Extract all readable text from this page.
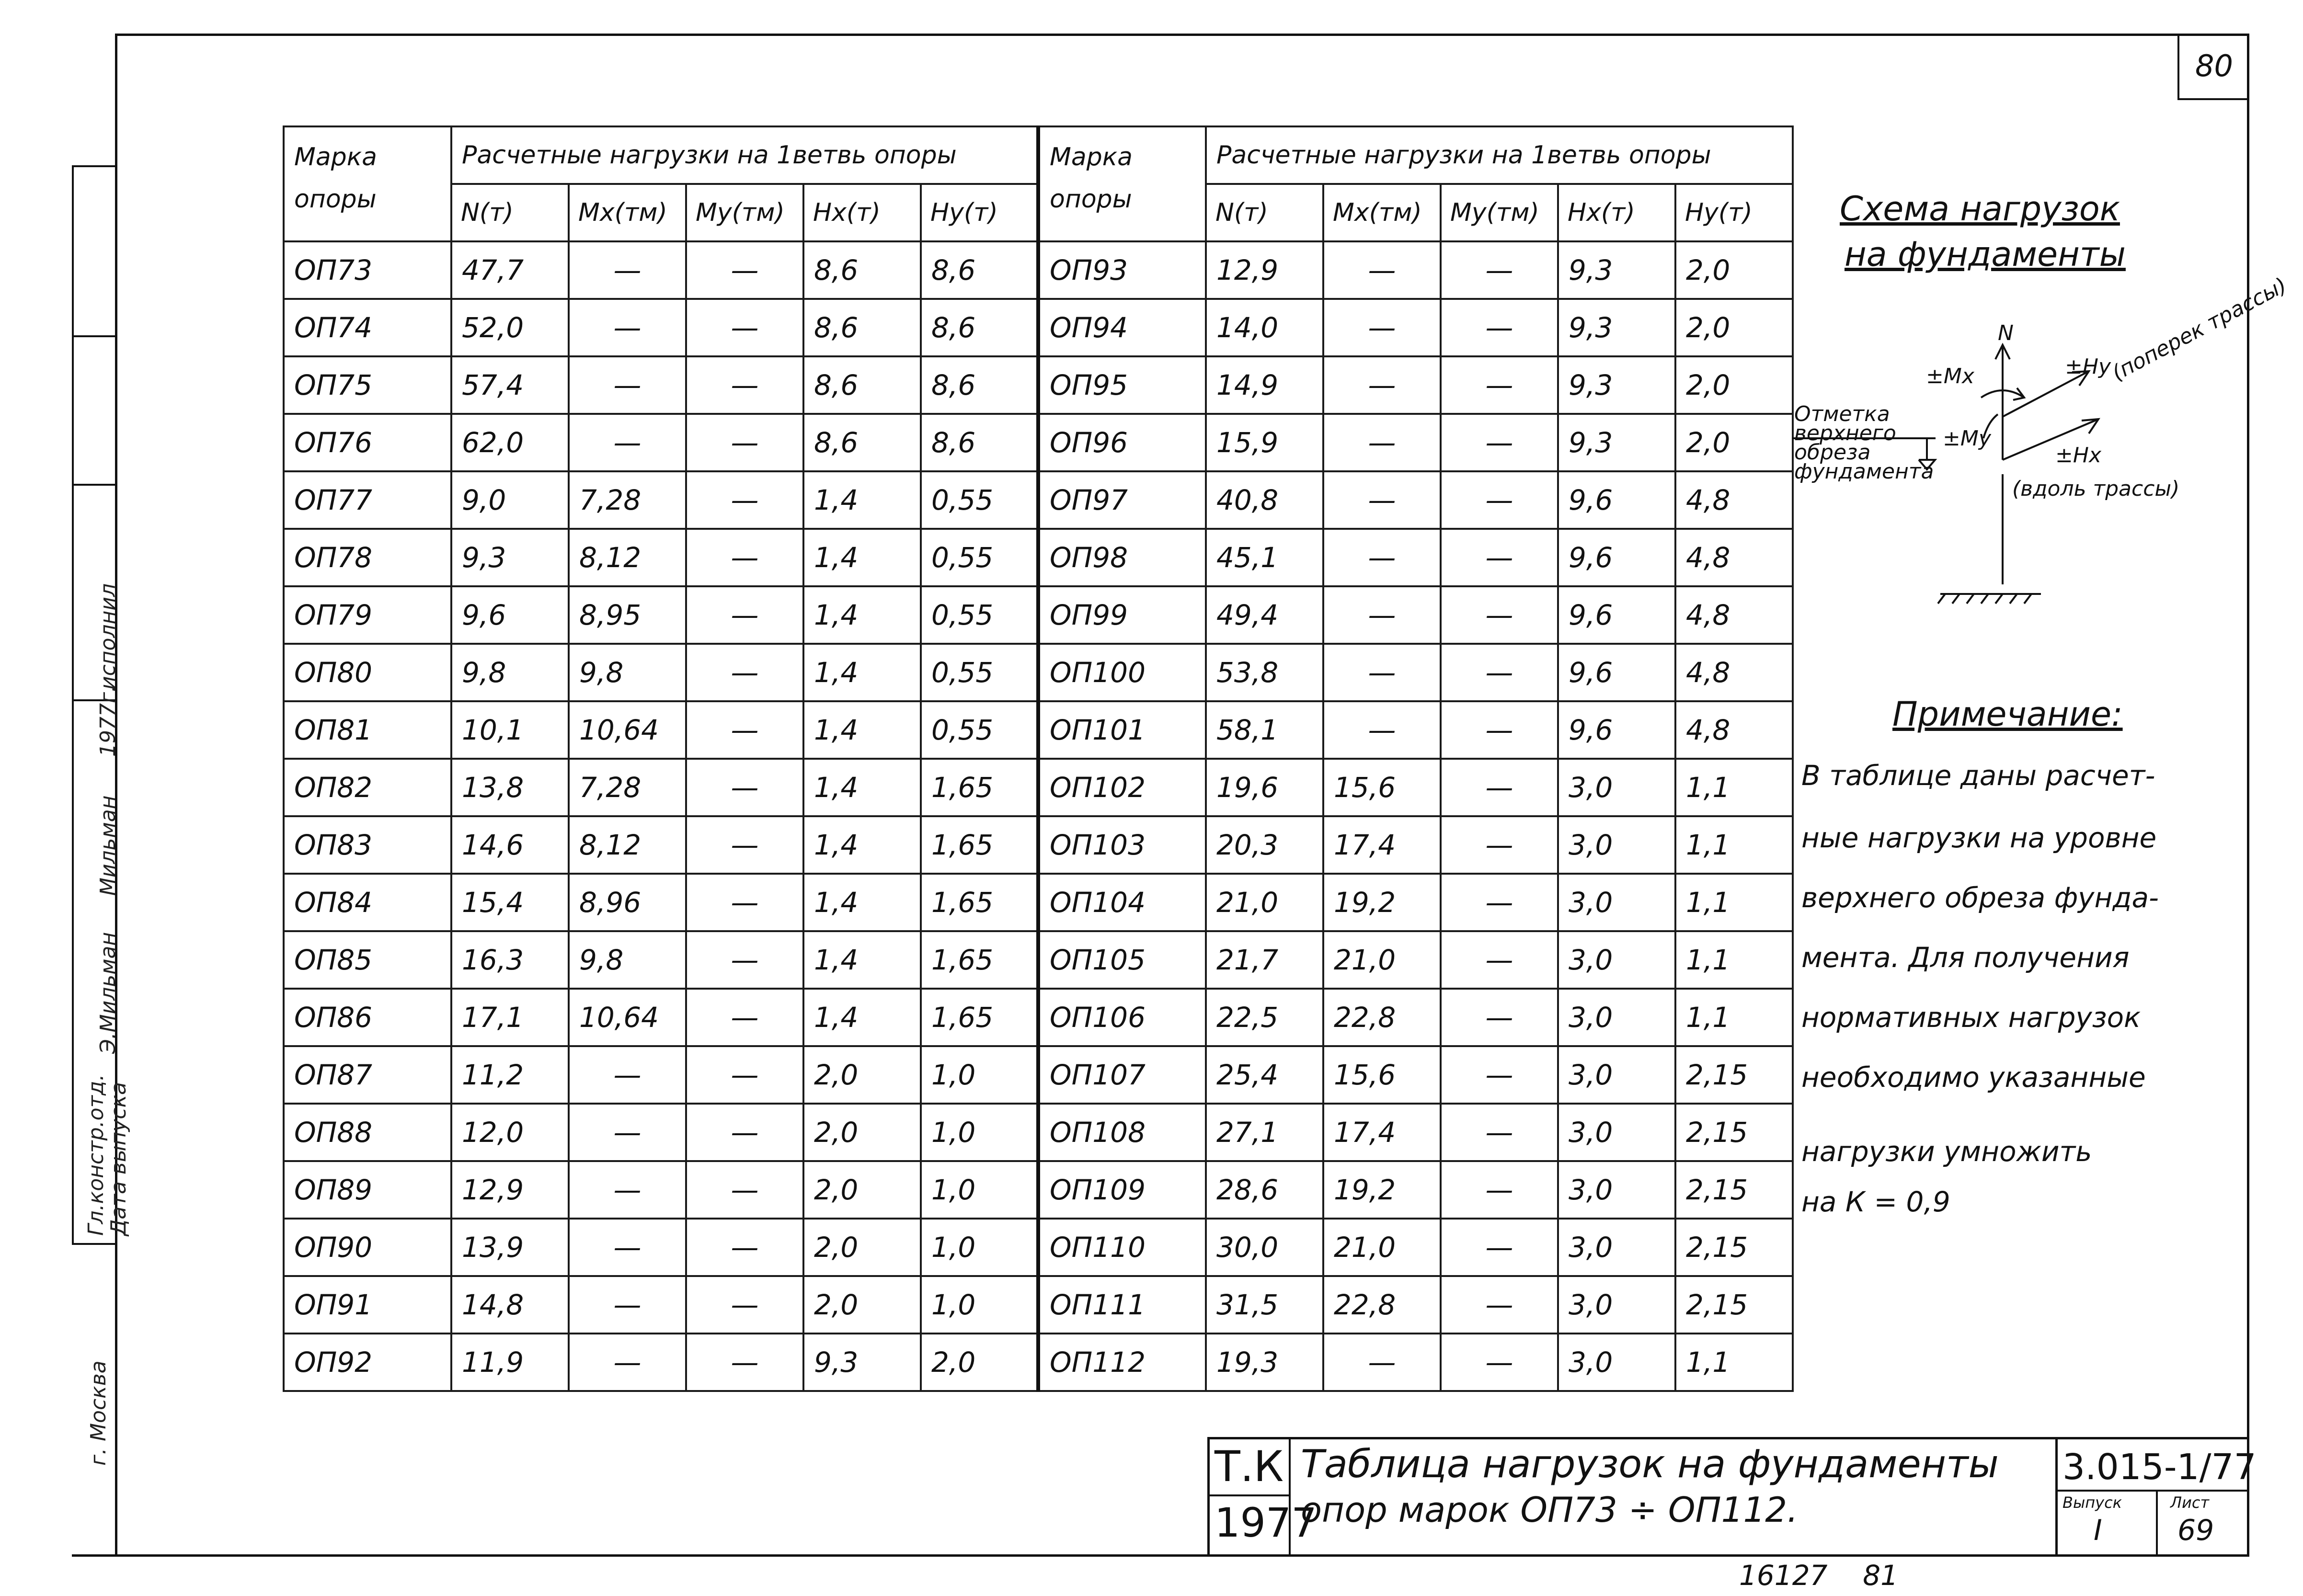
исполнил
1977г.
Мильман
Э.Мильман
Гл.констр.отд.
Дата выпуска
г. Москва
80
Марка опоры	Расчетные нагрузки на 1ветвь опоры					Марка опоры	Расчетные нагрузки на 1ветвь опоры				
	N(т)	Mx(тм)	My(тм)	Hx(т)	Hy(т)		N(т)	Mx(тм)	My(тм)	Hx(т)	Hy(т)
ОП73	47,7	—	—	8,6	8,6	ОП93	12,9	—	—	9,3	2,0
ОП74	52,0	—	—	8,6	8,6	ОП94	14,0	—	—	9,3	2,0
ОП75	57,4	—	—	8,6	8,6	ОП95	14,9	—	—	9,3	2,0
ОП76	62,0	—	—	8,6	8,6	ОП96	15,9	—	—	9,3	2,0
ОП77	9,0	7,28	—	1,4	0,55	ОП97	40,8	—	—	9,6	4,8
ОП78	9,3	8,12	—	1,4	0,55	ОП98	45,1	—	—	9,6	4,8
ОП79	9,6	8,95	—	1,4	0,55	ОП99	49,4	—	—	9,6	4,8
ОП80	9,8	9,8	—	1,4	0,55	ОП100	53,8	—	—	9,6	4,8
ОП81	10,1	10,64	—	1,4	0,55	ОП101	58,1	—	—	9,6	4,8
ОП82	13,8	7,28	—	1,4	1,65	ОП102	19,6	15,6	—	3,0	1,1
ОП83	14,6	8,12	—	1,4	1,65	ОП103	20,3	17,4	—	3,0	1,1
ОП84	15,4	8,96	—	1,4	1,65	ОП104	21,0	19,2	—	3,0	1,1
ОП85	16,3	9,8	—	1,4	1,65	ОП105	21,7	21,0	—	3,0	1,1
ОП86	17,1	10,64	—	1,4	1,65	ОП106	22,5	22,8	—	3,0	1,1
ОП87	11,2	—	—	2,0	1,0	ОП107	25,4	15,6	—	3,0	2,15
ОП88	12,0	—	—	2,0	1,0	ОП108	27,1	17,4	—	3,0	2,15
ОП89	12,9	—	—	2,0	1,0	ОП109	28,6	19,2	—	3,0	2,15
ОП90	13,9	—	—	2,0	1,0	ОП110	30,0	21,0	—	3,0	2,15
ОП91	14,8	—	—	2,0	1,0	ОП111	31,5	22,8	—	3,0	2,15
ОП92	11,9	—	—	9,3	2,0	ОП112	19,3	—	—	3,0	1,1
Схема нагрузок
на фундаменты
N
±Mx
±My
±Hy
(поперек трассы)
±Hx
(вдоль трассы)
Отметка
верхнего
обреза
фундамента
Примечание:
В таблице даны расчет-
ные нагрузки на уровне
верхнего обреза фунда-
мента. Для получения
нормативных нагрузок
необходимо указанные
нагрузки умножить
на К = 0,9
Т.К
1977
Таблица нагрузок на фундаменты
опор марок ОП73 ÷ ОП112.
3.015-1/77
Выпуск
I
Лист
69
16127    81
